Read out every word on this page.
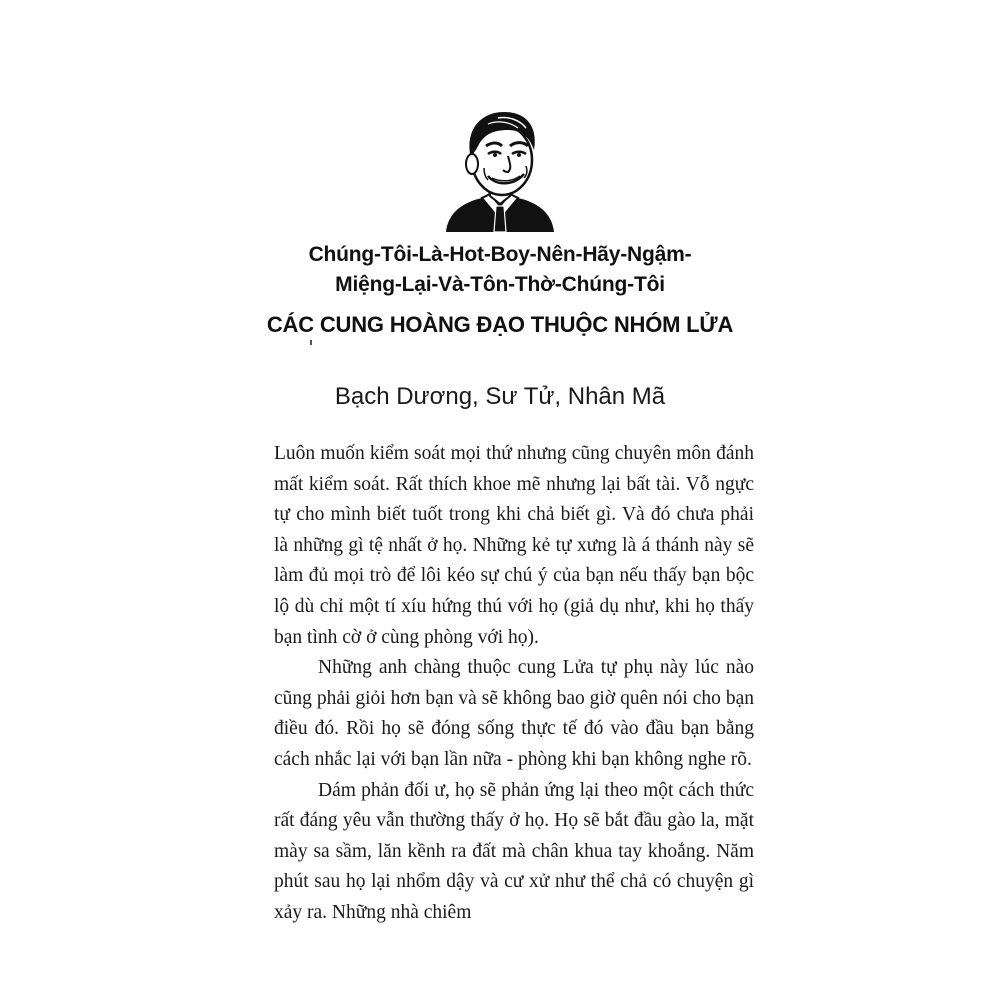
Chúng-Tôi-Là-Hot-Boy-Nên-Hãy-Ngậm-
Miệng-Lại-Và-Tôn-Thờ-Chúng-Tôi
CÁC CUNG HOÀNG ĐẠO THUỘC NHÓM LỬA

Bạch Dương, Sư Tử, Nhân Mã

Luôn muốn kiểm soát mọi thứ nhưng cũng chuyên môn đánh mất kiểm soát. Rất thích khoe mẽ nhưng lại bất tài. Vỗ ngực tự cho mình biết tuốt trong khi chả biết gì. Và đó chưa phải là những gì tệ nhất ở họ. Những kẻ tự xưng là á thánh này sẽ làm đủ mọi trò để lôi kéo sự chú ý của bạn nếu thấy bạn bộc lộ dù chỉ một tí xíu hứng thú với họ (giả dụ như, khi họ thấy bạn tình cờ ở cùng phòng với họ).

Những anh chàng thuộc cung Lửa tự phụ này lúc nào cũng phải giỏi hơn bạn và sẽ không bao giờ quên nói cho bạn điều đó. Rồi họ sẽ đóng sống thực tế đó vào đầu bạn bằng cách nhắc lại với bạn lần nữa - phòng khi bạn không nghe rõ.

Dám phản đối ư, họ sẽ phản ứng lại theo một cách thức rất đáng yêu vẫn thường thấy ở họ. Họ sẽ bắt đầu gào la, mặt mày sa sầm, lăn kềnh ra đất mà chân khua tay khoắng. Năm phút sau họ lại nhổm dậy và cư xử như thể chả có chuyện gì xảy ra. Những nhà chiêm
